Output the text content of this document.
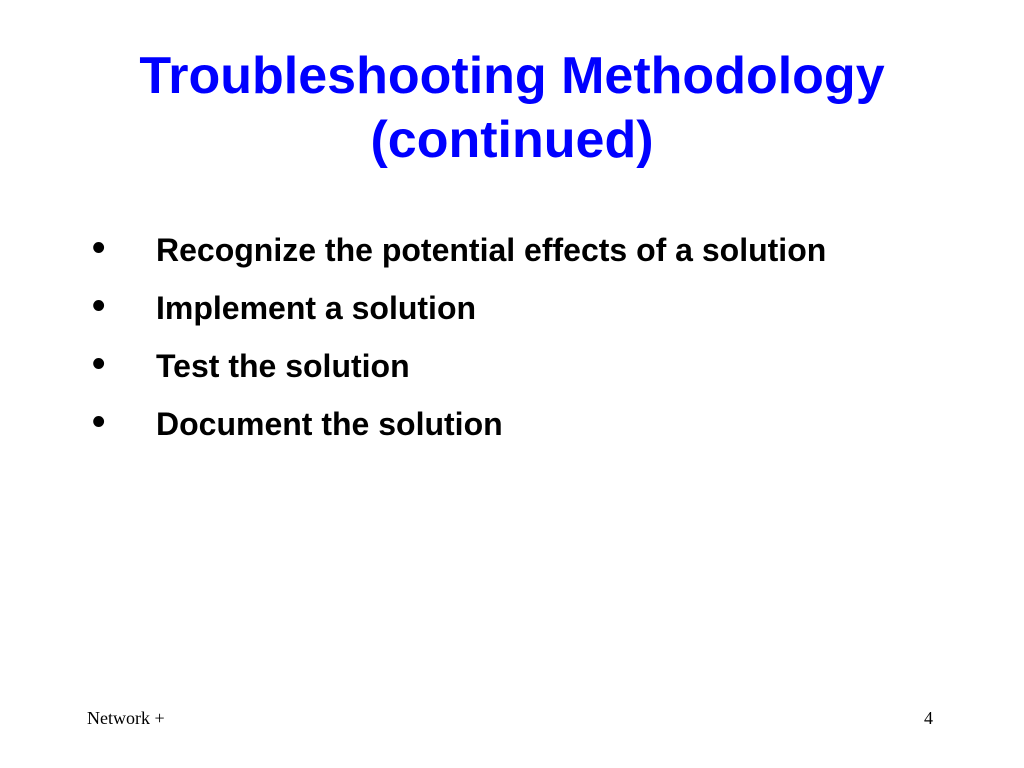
Troubleshooting Methodology
(continued)
• Recognize the potential effects of a solution
• Implement a solution
• Test the solution
• Document the solution
Network +	4
